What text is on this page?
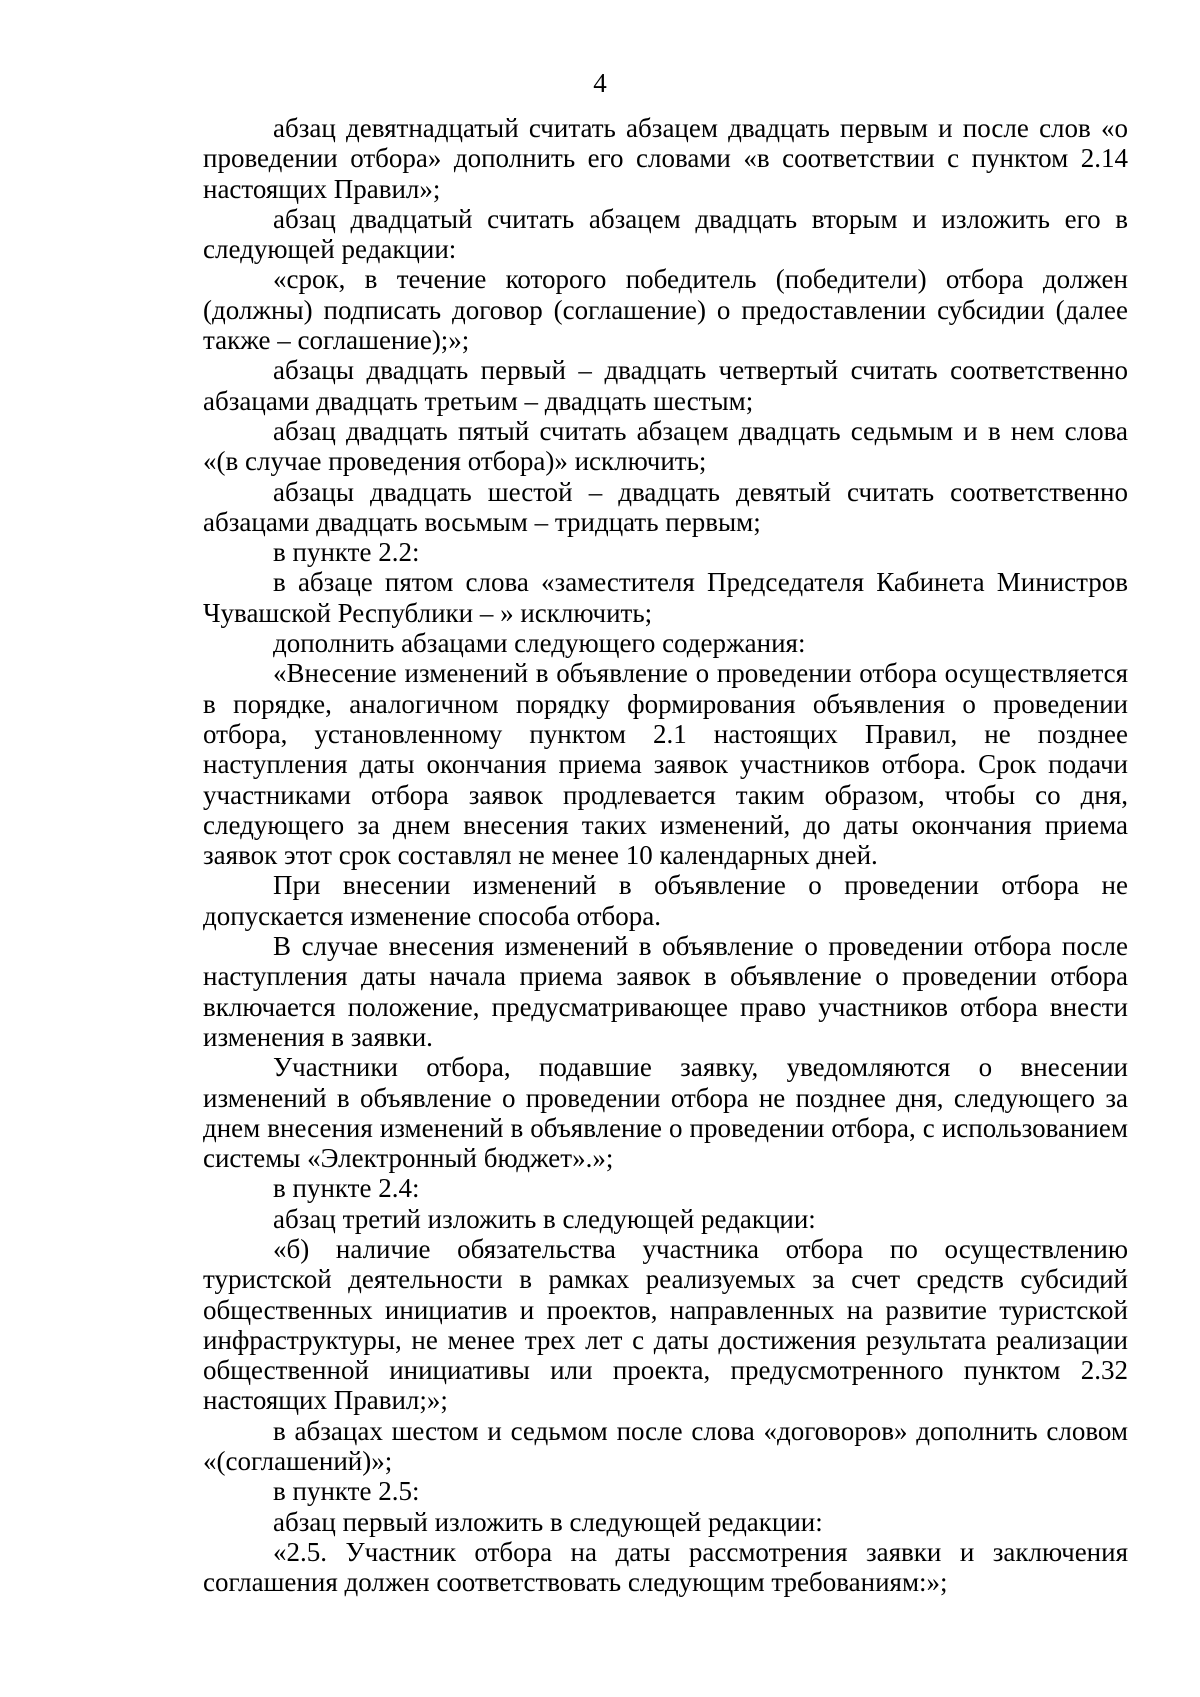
4

абзац девятнадцатый считать абзацем двадцать первым и после слов «о проведении отбора» дополнить его словами «в соответствии с пунктом 2.14 настоящих Правил»;

абзац двадцатый считать абзацем двадцать вторым и изложить его в следующей редакции:

«срок, в течение которого победитель (победители) отбора должен (должны) подписать договор (соглашение) о предоставлении субсидии (далее также – соглашение);»;

абзацы двадцать первый – двадцать четвертый считать соответственно абзацами двадцать третьим – двадцать шестым;

абзац двадцать пятый считать абзацем двадцать седьмым и в нем слова «(в случае проведения отбора)» исключить;

абзацы двадцать шестой – двадцать девятый считать соответственно абзацами двадцать восьмым – тридцать первым;

в пункте 2.2:

в абзаце пятом слова «заместителя Председателя Кабинета Министров Чувашской Республики – » исключить;

дополнить абзацами следующего содержания:

«Внесение изменений в объявление о проведении отбора осуществляется в порядке, аналогичном порядку формирования объявления о проведении отбора, установленному пунктом 2.1 настоящих Правил, не позднее наступления даты окончания приема заявок участников отбора. Срок подачи участниками отбора заявок продлевается таким образом, чтобы со дня, следующего за днем внесения таких изменений, до даты окончания приема заявок этот срок составлял не менее 10 календарных дней.

При внесении изменений в объявление о проведении отбора не допускается изменение способа отбора.

В случае внесения изменений в объявление о проведении отбора после наступления даты начала приема заявок в объявление о проведении отбора включается положение, предусматривающее право участников отбора внести изменения в заявки.

Участники отбора, подавшие заявку, уведомляются о внесении изменений в объявление о проведении отбора не позднее дня, следующего за днем внесения изменений в объявление о проведении отбора, с использованием системы «Электронный бюджет».»;

в пункте 2.4:

абзац третий изложить в следующей редакции:

«б) наличие обязательства участника отбора по осуществлению туристской деятельности в рамках реализуемых за счет средств субсидий общественных инициатив и проектов, направленных на развитие туристской инфраструктуры, не менее трех лет с даты достижения результата реализации общественной инициативы или проекта, предусмотренного пунктом 2.32 настоящих Правил;»;

в абзацах шестом и седьмом после слова «договоров» дополнить словом «(соглашений)»;

в пункте 2.5:

абзац первый изложить в следующей редакции:

«2.5. Участник отбора на даты рассмотрения заявки и заключения соглашения должен соответствовать следующим требованиям:»;
